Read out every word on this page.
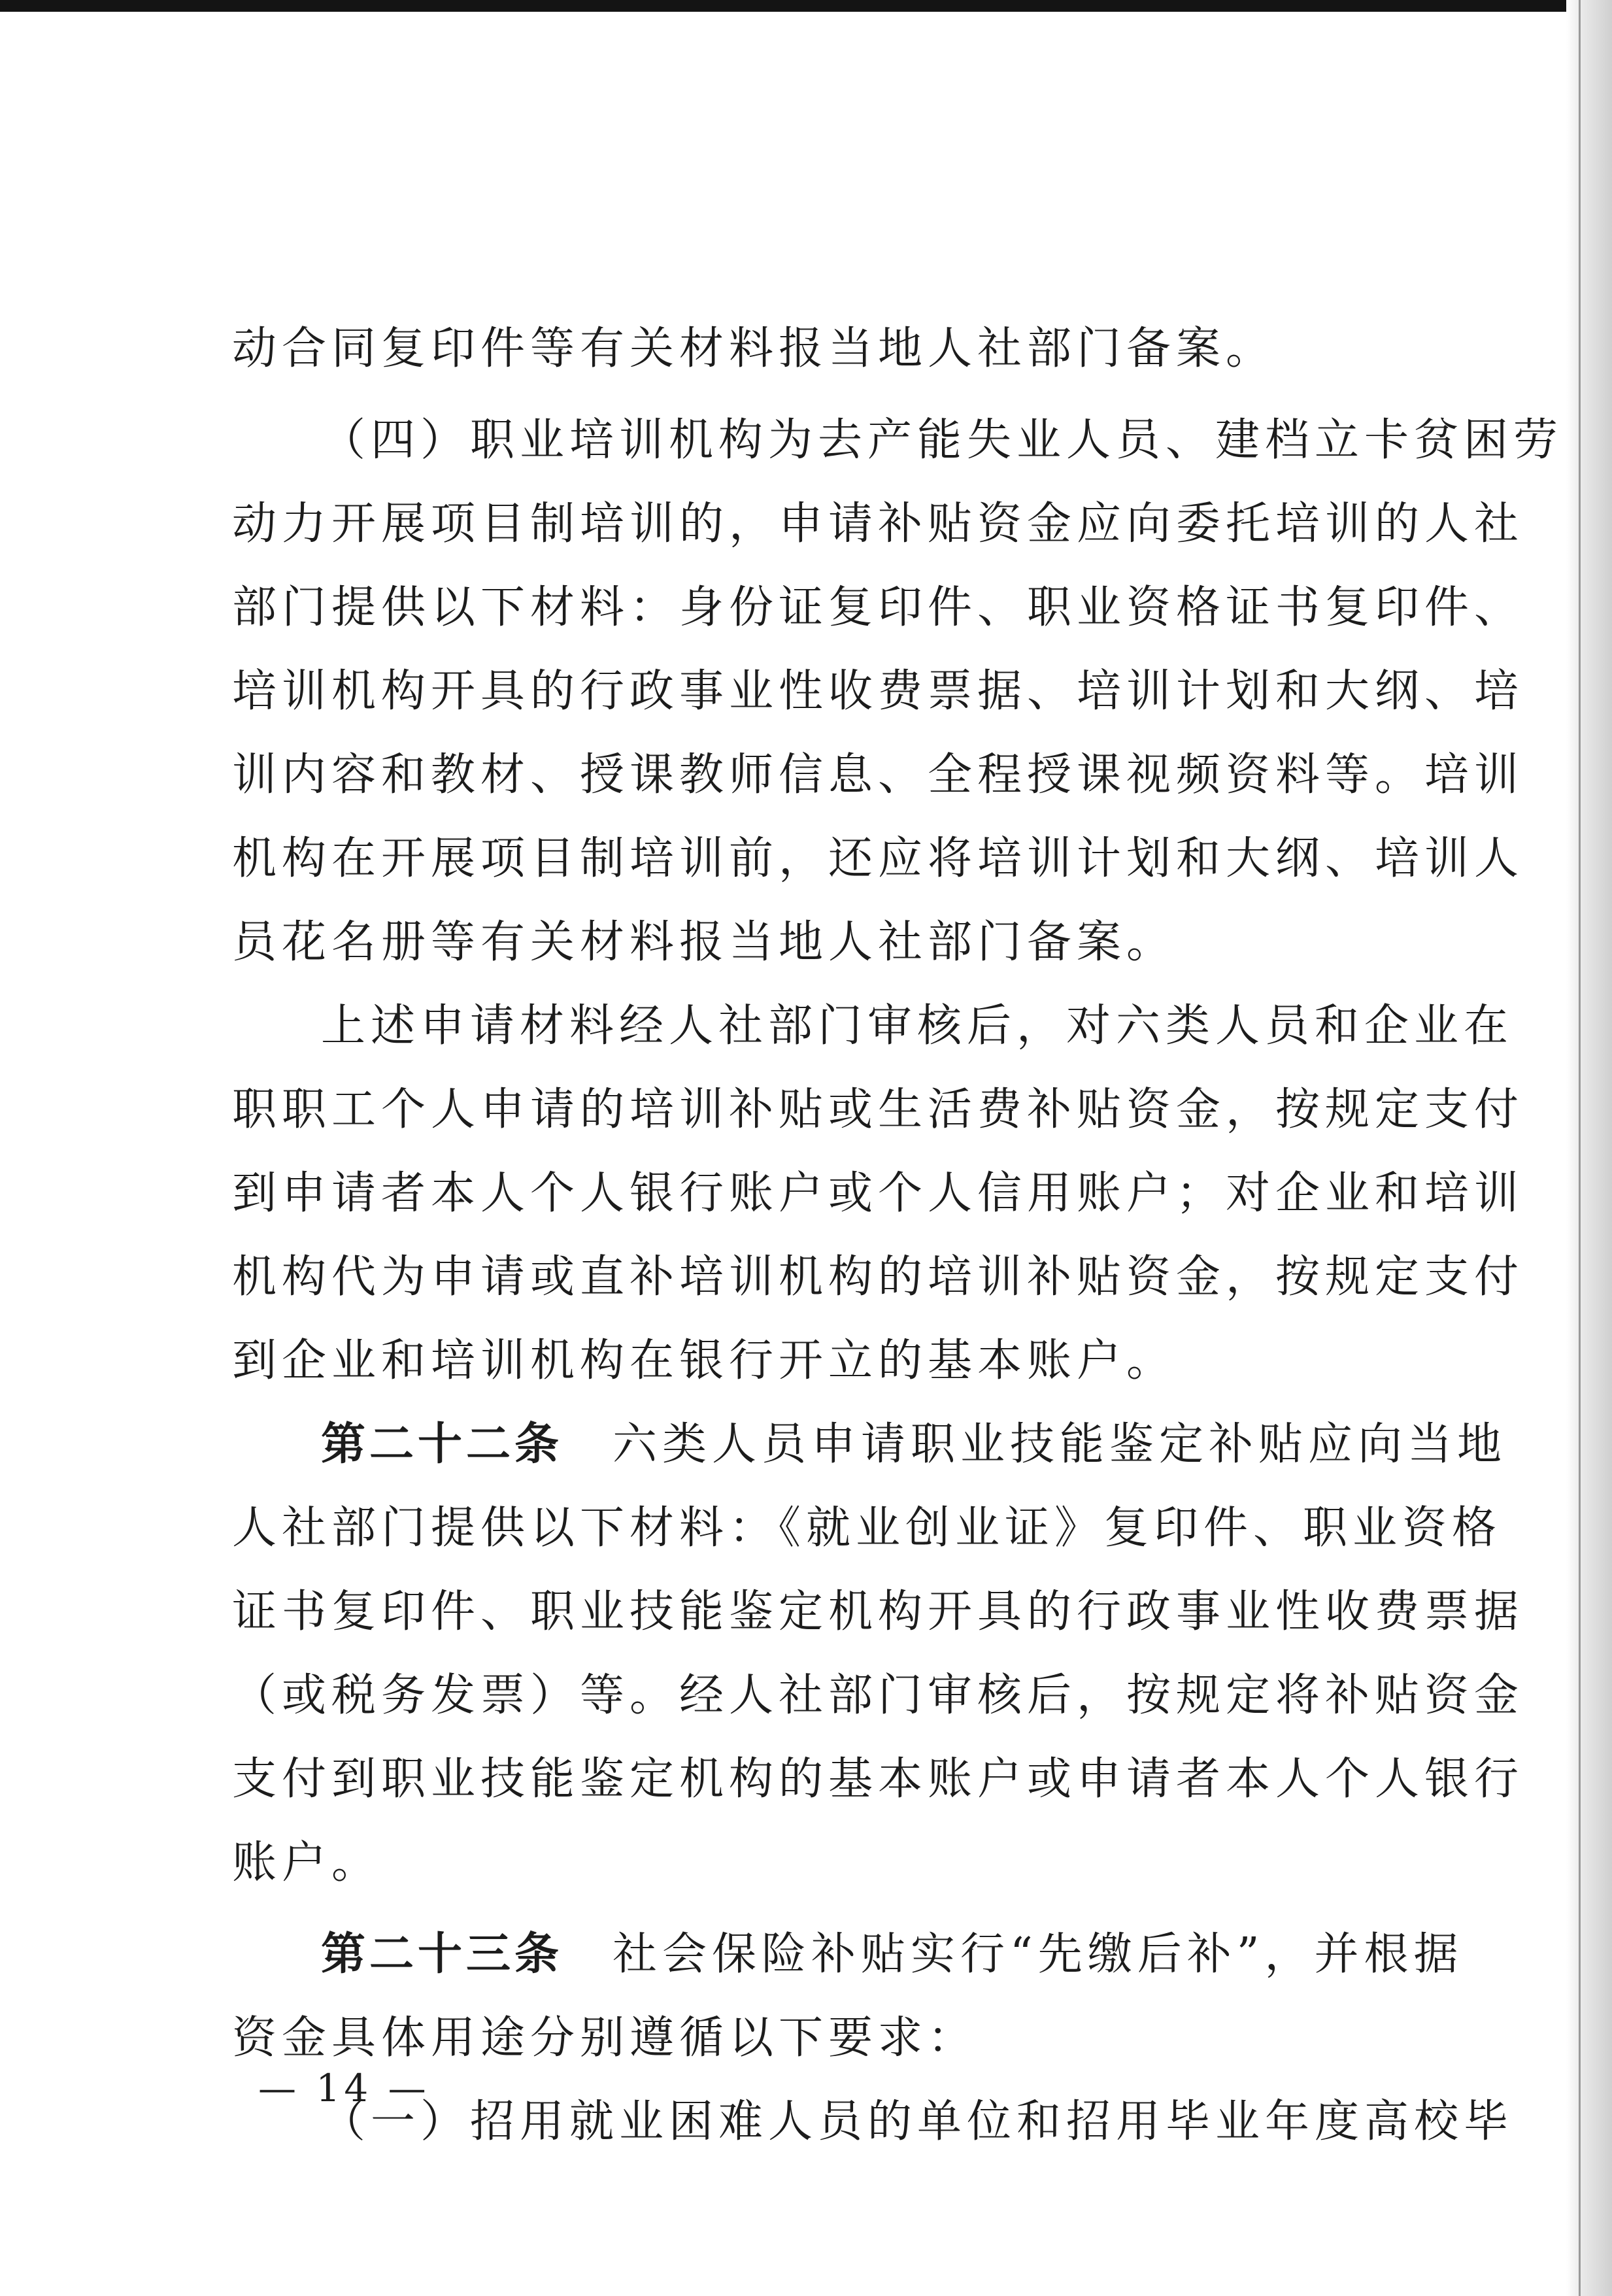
动合同复印件等有关材料报当地人社部门备案。
（四）职业培训机构为去产能失业人员、建档立卡贫困劳
动力开展项目制培训的，申请补贴资金应向委托培训的人社
部门提供以下材料：身份证复印件、职业资格证书复印件、
培训机构开具的行政事业性收费票据、培训计划和大纲、培
训内容和教材、授课教师信息、全程授课视频资料等。培训
机构在开展项目制培训前，还应将培训计划和大纲、培训人
员花名册等有关材料报当地人社部门备案。
上述申请材料经人社部门审核后，对六类人员和企业在
职职工个人申请的培训补贴或生活费补贴资金，按规定支付
到申请者本人个人银行账户或个人信用账户；对企业和培训
机构代为申请或直补培训机构的培训补贴资金，按规定支付
到企业和培训机构在银行开立的基本账户。
第二十二条　 六类人员申请职业技能鉴定补贴应向当地
人社部门提供以下材料：《就业创业证》复印件、职业资格
证书复印件、职业技能鉴定机构开具的行政事业性收费票据
（或税务发票）等。经人社部门审核后，按规定将补贴资金
支付到职业技能鉴定机构的基本账户或申请者本人个人银行
账户。
第二十三条　 社会保险补贴实行“先缴后补”，并根据
资金具体用途分别遵循以下要求：
（一）招用就业困难人员的单位和招用毕业年度高校毕
— 14 —
